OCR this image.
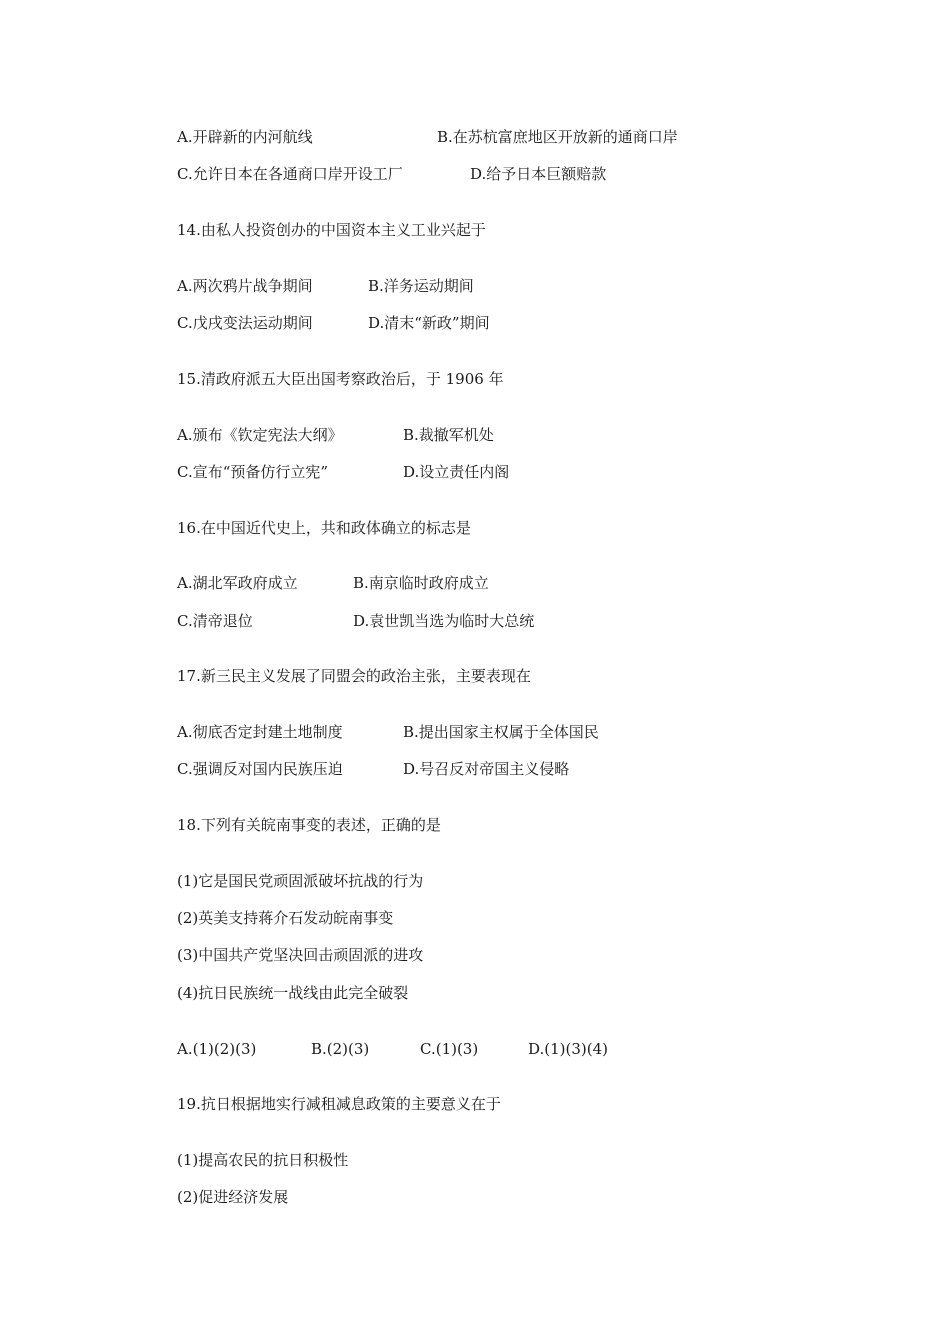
A.开辟新的内河航线	B.在苏杭富庶地区开放新的通商口岸
C.允许日本在各通商口岸开设工厂	D.给予日本巨额赔款
14.由私人投资创办的中国资本主义工业兴起于
A.两次鸦片战争期间	B.洋务运动期间
C.戊戌变法运动期间	D.清末“新政”期间
15.清政府派五大臣出国考察政治后，于 1906 年
A.颁布《钦定宪法大纲》	B.裁撤军机处
C.宣布“预备仿行立宪”	D.设立责任内阁
16.在中国近代史上，共和政体确立的标志是
A.湖北军政府成立	B.南京临时政府成立
C.清帝退位	D.袁世凯当选为临时大总统
17.新三民主义发展了同盟会的政治主张，主要表现在
A.彻底否定封建土地制度	B.提出国家主权属于全体国民
C.强调反对国内民族压迫	D.号召反对帝国主义侵略
18.下列有关皖南事变的表述，正确的是
(1)它是国民党顽固派破坏抗战的行为
(2)英美支持蒋介石发动皖南事变
(3)中国共产党坚决回击顽固派的进攻
(4)抗日民族统一战线由此完全破裂
A.(1)(2)(3)	B.(2)(3)	C.(1)(3)	D.(1)(3)(4)
19.抗日根据地实行减租减息政策的主要意义在于
(1)提高农民的抗日积极性
(2)促进经济发展
